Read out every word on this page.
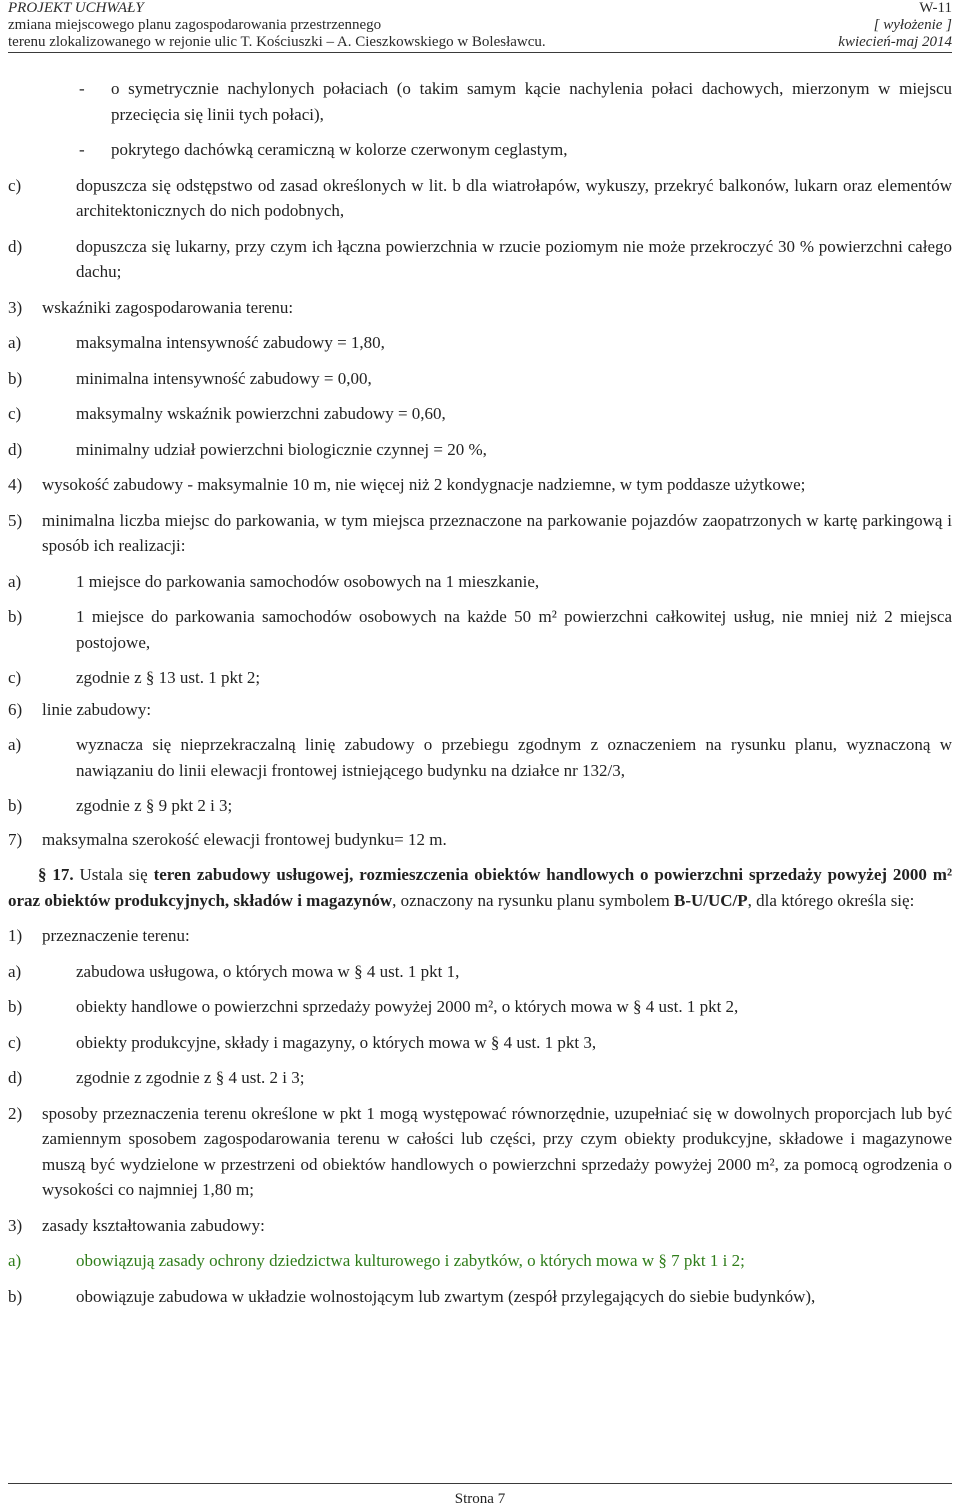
PROJEKT UCHWAŁY
zmiana miejscowego planu zagospodarowania przestrzennego
terenu zlokalizowanego w rejonie ulic T. Kościuszki – A. Cieszkowskiego w Bolesławcu.
W-11
[ wyłożenie ]
kwiecień-maj 2014

- o symetrycznie nachylonych połaciach (o takim samym kącie nachylenia połaci dachowych, mierzonym w miejscu przecięcia się linii tych połaci),

- pokrytego dachówką ceramiczną w kolorze czerwonym ceglastym,

c)	dopuszcza się odstępstwo od zasad określonych w lit. b dla wiatrołapów, wykuszy, przekryć balkonów, lukarn oraz elementów architektonicznych do nich podobnych,

d)	dopuszcza się lukarny, przy czym ich łączna powierzchnia w rzucie poziomym nie może przekroczyć 30 % powierzchni całego dachu;

3) wskaźniki zagospodarowania terenu:

a)	maksymalna intensywność zabudowy = 1,80,

b)	minimalna intensywność zabudowy = 0,00,

c)	maksymalny wskaźnik powierzchni zabudowy = 0,60,

d)	minimalny udział powierzchni biologicznie czynnej = 20 %,

4) wysokość zabudowy - maksymalnie 10 m, nie więcej niż 2 kondygnacje nadziemne, w tym poddasze użytkowe;

5) minimalna liczba miejsc do parkowania, w tym miejsca przeznaczone na parkowanie pojazdów zaopatrzonych w kartę parkingową i sposób ich realizacji:

a)	1 miejsce do parkowania samochodów osobowych na 1 mieszkanie,

b)	1 miejsce do parkowania samochodów osobowych na każde 50 m² powierzchni całkowitej usług, nie mniej niż 2 miejsca postojowe,

c)	zgodnie z § 13 ust. 1 pkt 2;

6) linie zabudowy:

a)	wyznacza się nieprzekraczalną linię zabudowy o przebiegu zgodnym z oznaczeniem na rysunku planu, wyznaczoną w nawiązaniu do linii elewacji frontowej istniejącego budynku na działce nr 132/3,

b)	zgodnie z § 9 pkt 2 i 3;

7) maksymalna szerokość elewacji frontowej budynku= 12 m.

§ 17. Ustala się teren zabudowy usługowej, rozmieszczenia obiektów handlowych o powierzchni sprzedaży powyżej 2000 m² oraz obiektów produkcyjnych, składów i magazynów, oznaczony na rysunku planu symbolem B-U/UC/P, dla którego określa się:

1) przeznaczenie terenu:

a)	zabudowa usługowa, o których mowa w § 4 ust. 1 pkt 1,

b)	obiekty handlowe o powierzchni sprzedaży powyżej 2000 m², o których mowa w § 4 ust. 1 pkt 2,

c)	obiekty produkcyjne, składy i magazyny, o których mowa w § 4 ust. 1 pkt 3,

d)	zgodnie z zgodnie z § 4 ust. 2 i 3;

2) sposoby przeznaczenia terenu określone w pkt 1 mogą występować równorzędnie, uzupełniać się w dowolnych proporcjach lub być zamiennym sposobem zagospodarowania terenu w całości lub części, przy czym obiekty produkcyjne, składowe i magazynowe muszą być wydzielone w przestrzeni od obiektów handlowych o powierzchni sprzedaży powyżej 2000 m², za pomocą ogrodzenia o wysokości co najmniej 1,80 m;

3) zasady kształtowania zabudowy:

a)	obowiązują zasady ochrony dziedzictwa kulturowego i zabytków, o których mowa w § 7 pkt 1 i 2;

b)	obowiązuje zabudowa w układzie wolnostojącym lub zwartym (zespół przylegających do siebie budynków),

Strona 7
